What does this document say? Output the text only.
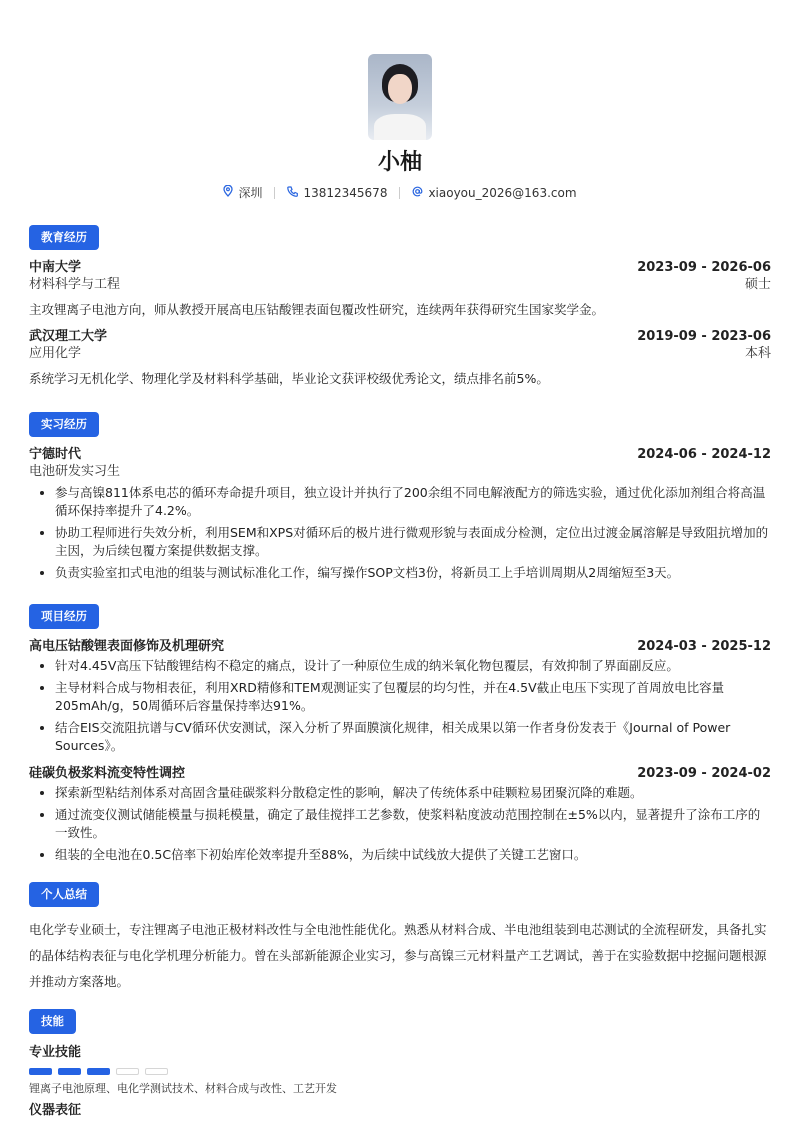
小柚
深圳	13812345678	xiaoyou_2026@163.com
教育经历
中南大学	2023-09 - 2026-06
材料科学与工程	硕士
主攻锂离子电池方向，师从教授开展高电压钴酸锂表面包覆改性研究，连续两年获得研究生国家奖学金。
武汉理工大学	2019-09 - 2023-06
应用化学	本科
系统学习无机化学、物理化学及材料科学基础，毕业论文获评校级优秀论文，绩点排名前5%。
实习经历
宁德时代	2024-06 - 2024-12
电池研发实习生
• 参与高镍811体系电芯的循环寿命提升项目，独立设计并执行了200余组不同电解液配方的筛选实验，通过优化添加剂组合将高温循环保持率提升了4.2%。
• 协助工程师进行失效分析，利用SEM和XPS对循环后的极片进行微观形貌与表面成分检测，定位出过渡金属溶解是导致阻抗增加的主因，为后续包覆方案提供数据支撑。
• 负责实验室扣式电池的组装与测试标准化工作，编写操作SOP文档3份，将新员工上手培训周期从2周缩短至3天。
项目经历
高电压钴酸锂表面修饰及机理研究	2024-03 - 2025-12
• 针对4.45V高压下钴酸锂结构不稳定的痛点，设计了一种原位生成的纳米氧化物包覆层，有效抑制了界面副反应。
• 主导材料合成与物相表征，利用XRD精修和TEM观测证实了包覆层的均匀性，并在4.5V截止电压下实现了首周放电比容量205mAh/g，50周循环后容量保持率达91%。
• 结合EIS交流阻抗谱与CV循环伏安测试，深入分析了界面膜演化规律，相关成果以第一作者身份发表于《Journal of Power Sources》。
硅碳负极浆料流变特性调控	2023-09 - 2024-02
• 探索新型粘结剂体系对高固含量硅碳浆料分散稳定性的影响，解决了传统体系中硅颗粒易团聚沉降的难题。
• 通过流变仪测试储能模量与损耗模量，确定了最佳搅拌工艺参数，使浆料粘度波动范围控制在±5%以内，显著提升了涂布工序的一致性。
• 组装的全电池在0.5C倍率下初始库伦效率提升至88%，为后续中试线放大提供了关键工艺窗口。
个人总结
电化学专业硕士，专注锂离子电池正极材料改性与全电池性能优化。熟悉从材料合成、半电池组装到电芯测试的全流程研发，具备扎实的晶体结构表征与电化学机理分析能力。曾在头部新能源企业实习，参与高镍三元材料量产工艺调试，善于在实验数据中挖掘问题根源并推动方案落地。
技能
专业技能
锂离子电池原理、电化学测试技术、材料合成与改性、工艺开发
仪器表征
